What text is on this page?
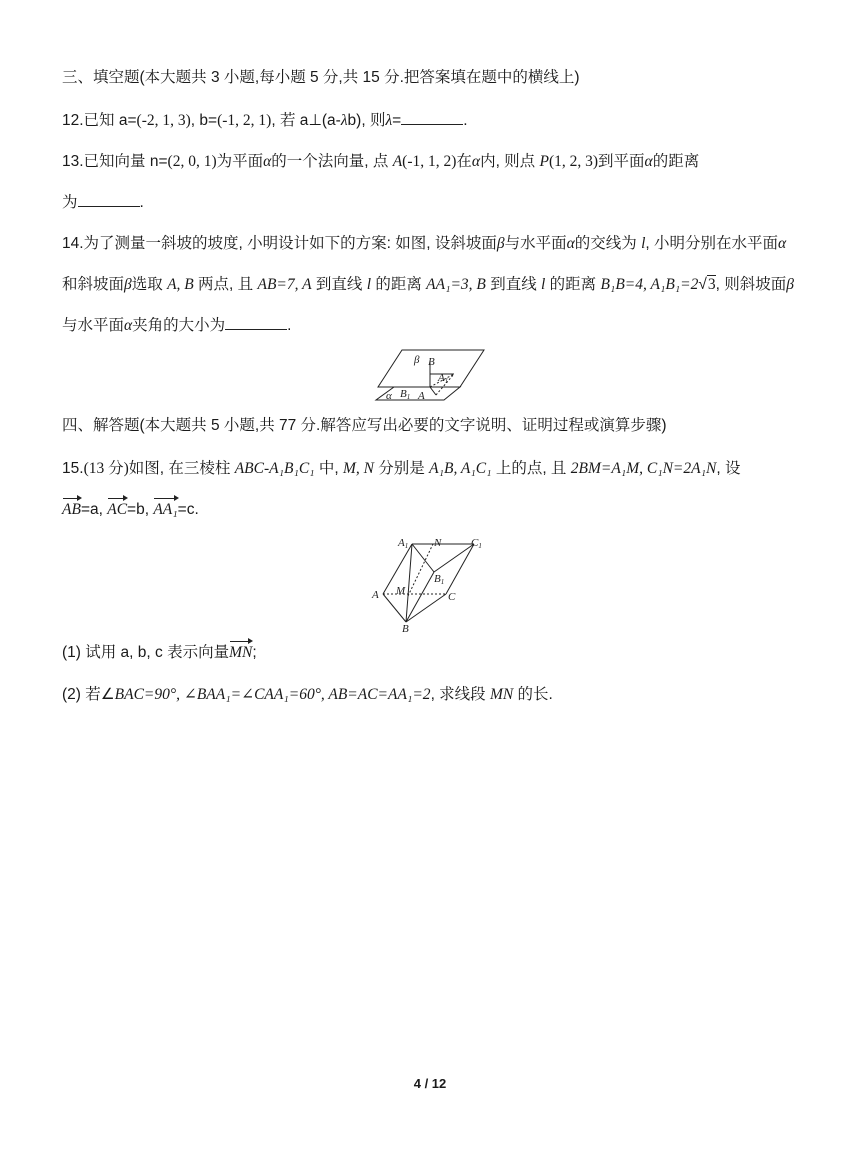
三、填空题(本大题共 3 小题,每小题 5 分,共 15 分.把答案填在题中的横线上)
12.已知 a=(-2, 1, 3), b=(-1, 2, 1), 若 a⊥(a-λb), 则λ=	.
13.已知向量 n=(2, 0, 1)为平面α的一个法向量, 点 A(-1, 1, 2)在α内, 则点 P(1, 2, 3)到平面α的距离
为	.
14.为了测量一斜坡的坡度, 小明设计如下的方案: 如图, 设斜坡面β与水平面α的交线为 l, 小明分别在水平面α
和斜坡面β选取 A, B 两点, 且 AB=7, A 到直线 l 的距离 AA₁=3, B 到直线 l 的距离 B₁B=4, A₁B₁=2√3, 则斜坡面β
与水平面α夹角的大小为	.
β B
A1
α B1 A
四、解答题(本大题共 5 小题,共 77 分.解答应写出必要的文字说明、证明过程或演算步骤)
15.(13 分)如图, 在三棱柱 ABC-A₁B₁C₁ 中, M, N 分别是 A₁B, A₁C₁ 上的点, 且 2BM=A₁M, C₁N=2A₁N, 设
AB=a, AC=b, AA₁=c.
A1 N	C1
B1
M
A	C
B
(1) 试用 a, b, c 表示向量MN;
(2) 若∠BAC=90°, ∠BAA₁=∠CAA₁=60°, AB=AC=AA₁=2, 求线段 MN 的长.
4 / 12
